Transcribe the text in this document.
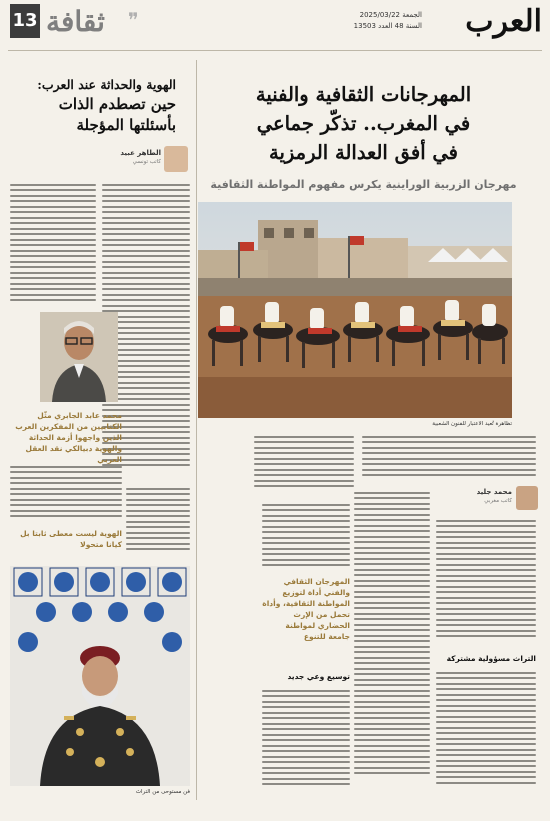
العرب
الجمعة 2025/03/22
السنة 48 العدد 13503
13 ثقافة ❞
المهرجانات الثقافية والفنية
في المغرب.. تذكّر جماعي
في أفق العدالة الرمزية
مهرجان الزربية الوراينية يكرس مفهوم المواطنة الثقافية
تظاهرة تُعيد الاعتبار للفنون الشعبية
الهوية والحداثة عند العرب:
حين تصطدم الذات بأسئلتها المؤجلة
الطاهر عبيد
كاتب تونسي
محمد عابد الجابري مثّل الكتابيين من المفكرين العرب الذين واجهوا أزمة الحداثة والهوية دبيالكي نقد العقل العربي
الهوية ليست معطى ثابتا بل كيانا متحولا
فن مستوحى من التراث
محمد جليد
كاتب مغربي
المهرجان الثقافي والفني أداة لتوزيع المواطنة الثقافية، وأداة تحمل من الإرث الحضاري لمواطنة جامعة للتنوع
توسيع وعي جديد
التراث مسؤولية مشتركة
